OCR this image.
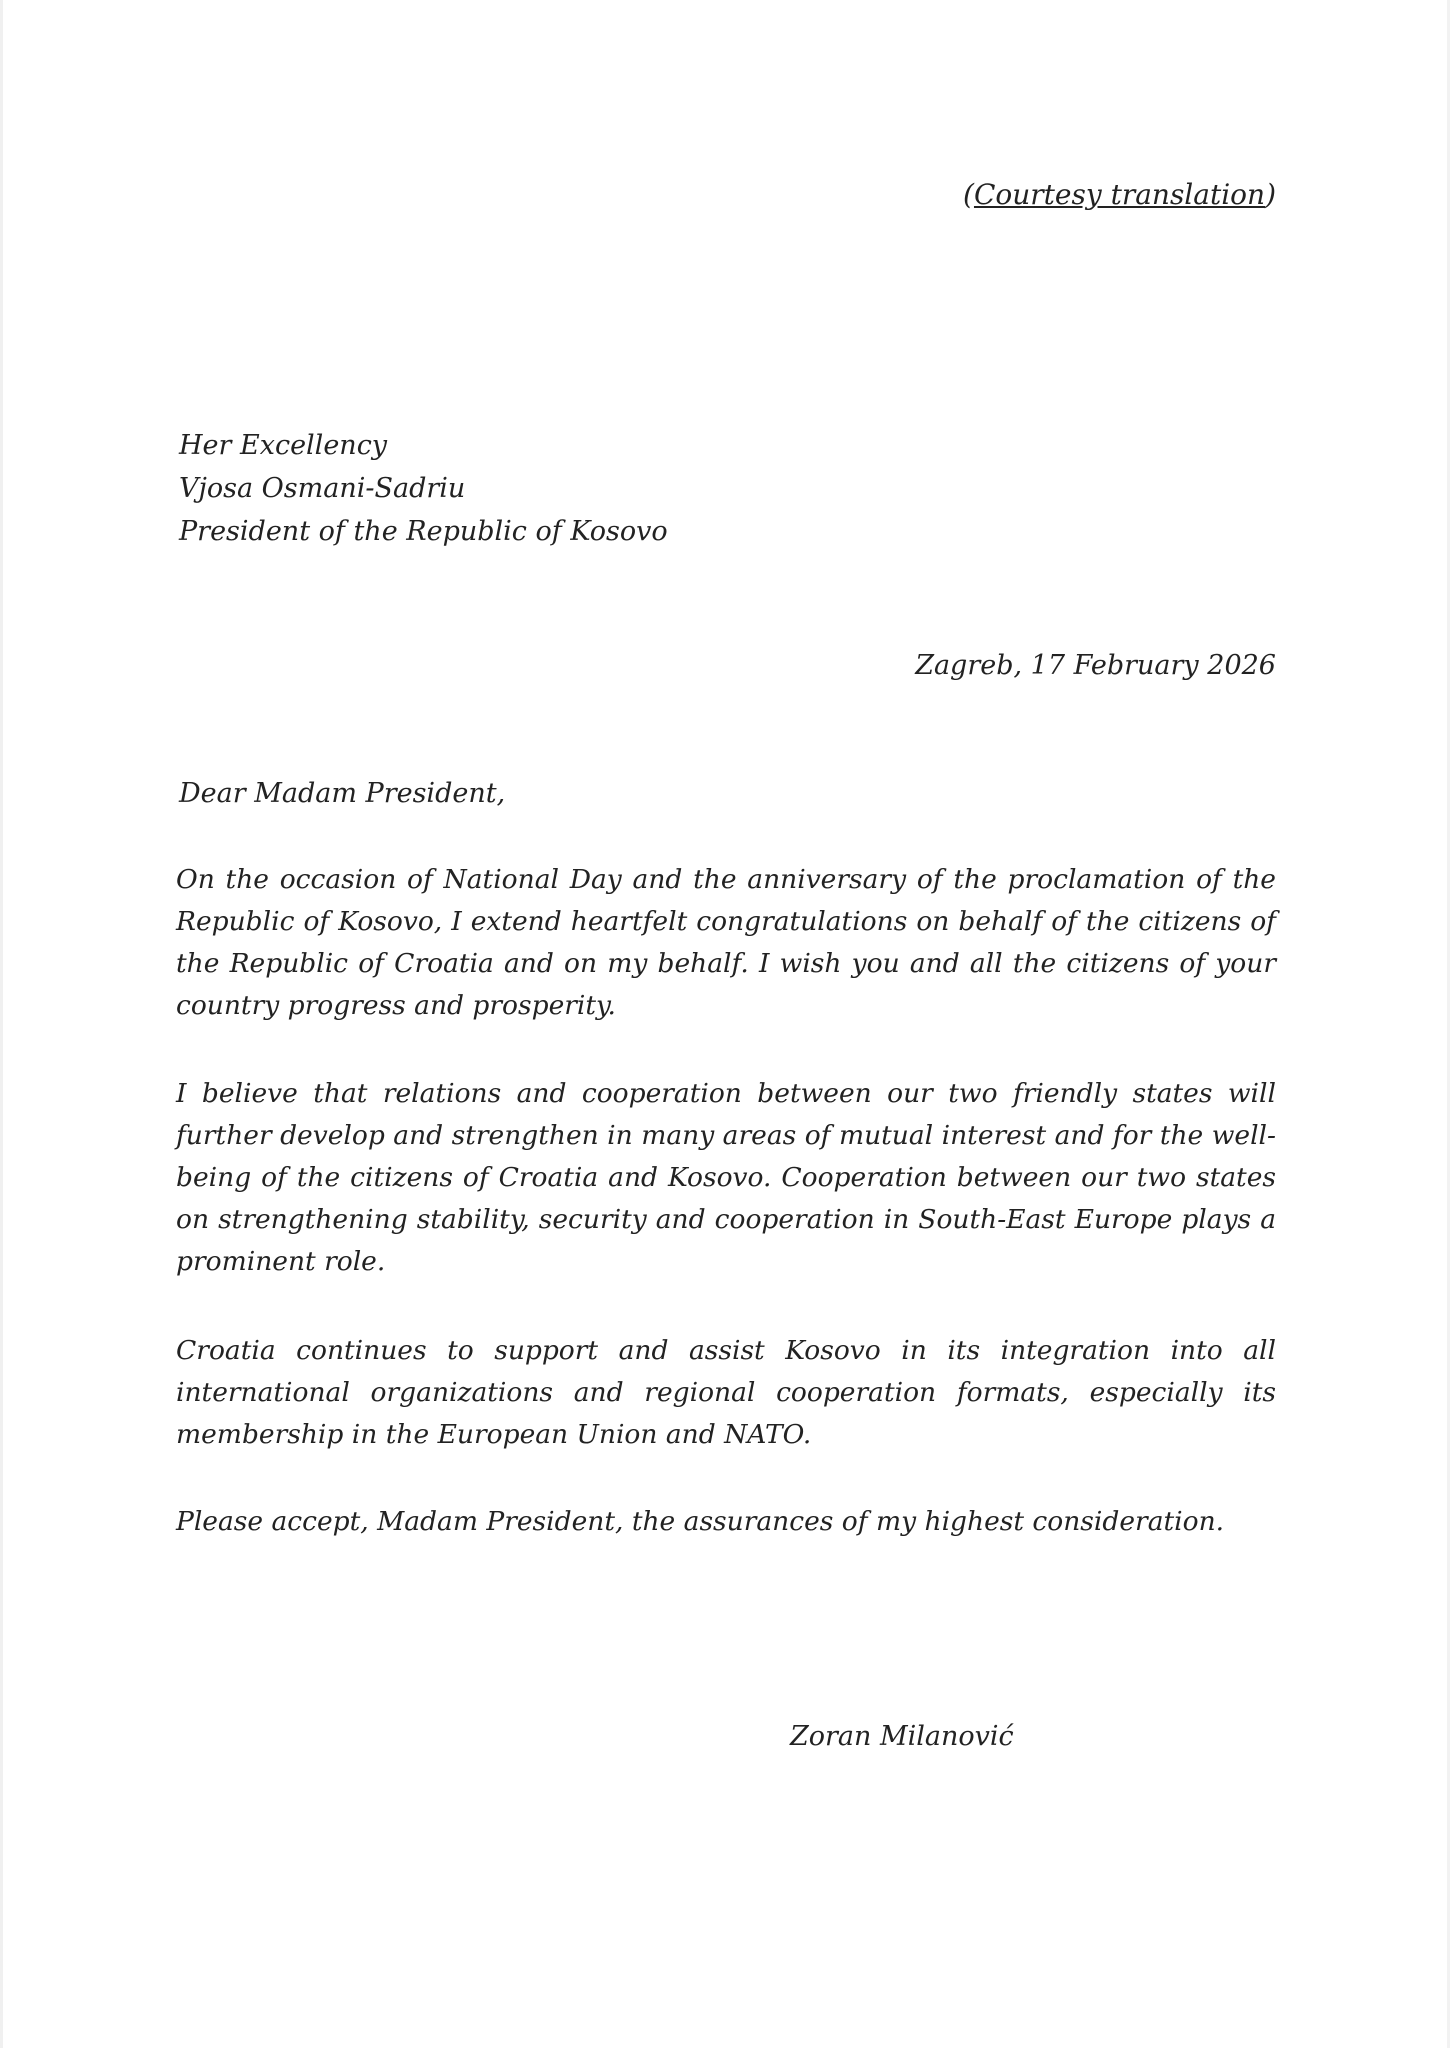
(Courtesy translation)
Her Excellency
Vjosa Osmani-Sadriu
President of the Republic of Kosovo
Zagreb, 17 February 2026
Dear Madam President,

On the occasion of National Day and the anniversary of the proclamation of the Republic of Kosovo, I extend heartfelt congratulations on behalf of the citizens of the Republic of Croatia and on my behalf. I wish you and all the citizens of your country progress and prosperity.

I believe that relations and cooperation between our two friendly states will further develop and strengthen in many areas of mutual interest and for the well-being of the citizens of Croatia and Kosovo. Cooperation between our two states on strengthening stability, security and cooperation in South-East Europe plays a prominent role.

Croatia continues to support and assist Kosovo in its integration into all international organizations and regional cooperation formats, especially its membership in the European Union and NATO.

Please accept, Madam President, the assurances of my highest consideration.

Zoran Milanović
